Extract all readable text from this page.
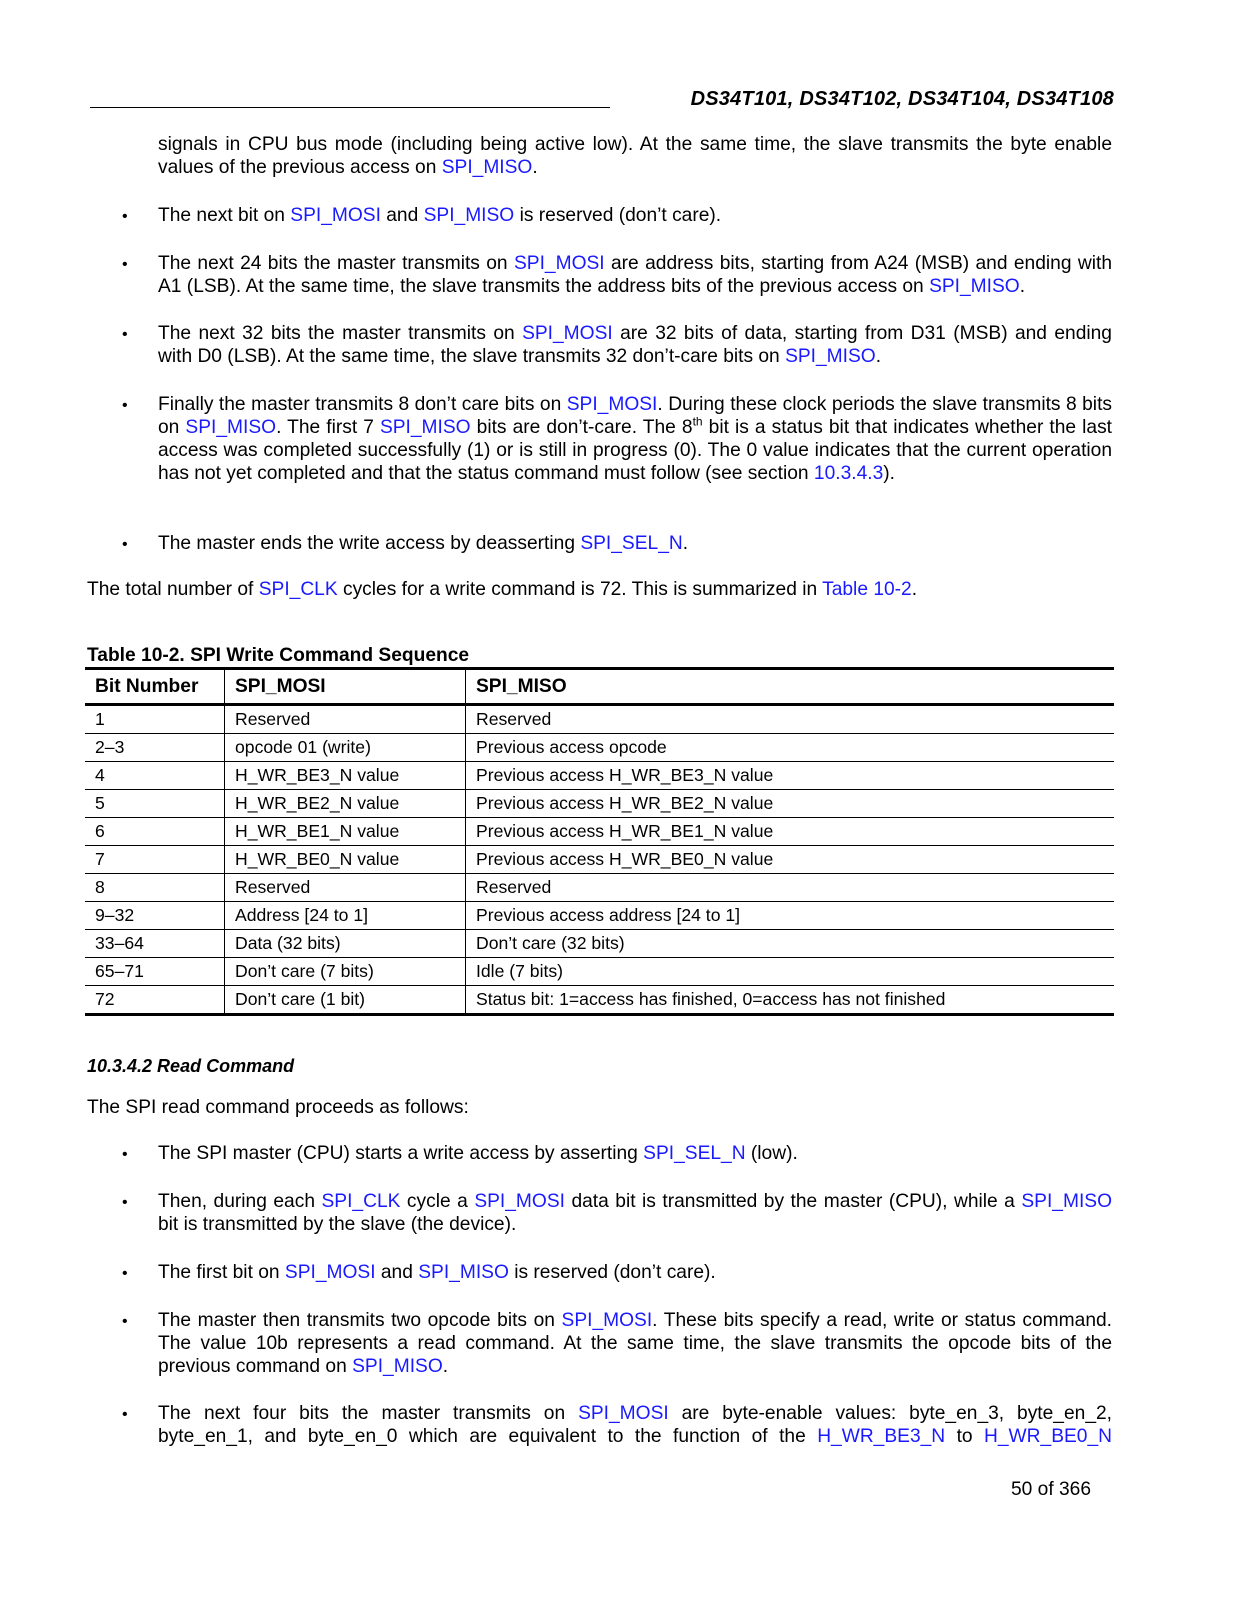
DS34T101, DS34T102, DS34T104, DS34T108
signals in CPU bus mode (including being active low). At the same time, the slave transmits the byte enable values of the previous access on SPI_MISO.
• The next bit on SPI_MOSI and SPI_MISO is reserved (don’t care).
• The next 24 bits the master transmits on SPI_MOSI are address bits, starting from A24 (MSB) and ending with A1 (LSB). At the same time, the slave transmits the address bits of the previous access on SPI_MISO.
• The next 32 bits the master transmits on SPI_MOSI are 32 bits of data, starting from D31 (MSB) and ending with D0 (LSB). At the same time, the slave transmits 32 don’t-care bits on SPI_MISO.
• Finally the master transmits 8 don’t care bits on SPI_MOSI. During these clock periods the slave transmits 8 bits on SPI_MISO. The first 7 SPI_MISO bits are don’t-care. The 8th bit is a status bit that indicates whether the last access was completed successfully (1) or is still in progress (0). The 0 value indicates that the current operation has not yet completed and that the status command must follow (see section 10.3.4.3).
• The master ends the write access by deasserting SPI_SEL_N.
The total number of SPI_CLK cycles for a write command is 72. This is summarized in Table 10-2.
Table 10-2. SPI Write Command Sequence
Bit Number	SPI_MOSI	SPI_MISO
1	Reserved	Reserved
2–3	opcode 01 (write)	Previous access opcode
4	H_WR_BE3_N value	Previous access H_WR_BE3_N value
5	H_WR_BE2_N value	Previous access H_WR_BE2_N value
6	H_WR_BE1_N value	Previous access H_WR_BE1_N value
7	H_WR_BE0_N value	Previous access H_WR_BE0_N value
8	Reserved	Reserved
9–32	Address [24 to 1]	Previous access address [24 to 1]
33–64	Data (32 bits)	Don’t care (32 bits)
65–71	Don’t care (7 bits)	Idle (7 bits)
72	Don’t care (1 bit)	Status bit: 1=access has finished, 0=access has not finished
10.3.4.2 Read Command
The SPI read command proceeds as follows:
• The SPI master (CPU) starts a write access by asserting SPI_SEL_N (low).
• Then, during each SPI_CLK cycle a SPI_MOSI data bit is transmitted by the master (CPU), while a SPI_MISO bit is transmitted by the slave (the device).
• The first bit on SPI_MOSI and SPI_MISO is reserved (don’t care).
• The master then transmits two opcode bits on SPI_MOSI. These bits specify a read, write or status command. The value 10b represents a read command. At the same time, the slave transmits the opcode bits of the previous command on SPI_MISO.
• The next four bits the master transmits on SPI_MOSI are byte-enable values: byte_en_3, byte_en_2, byte_en_1, and byte_en_0 which are equivalent to the function of the H_WR_BE3_N to H_WR_BE0_N
50 of 366
